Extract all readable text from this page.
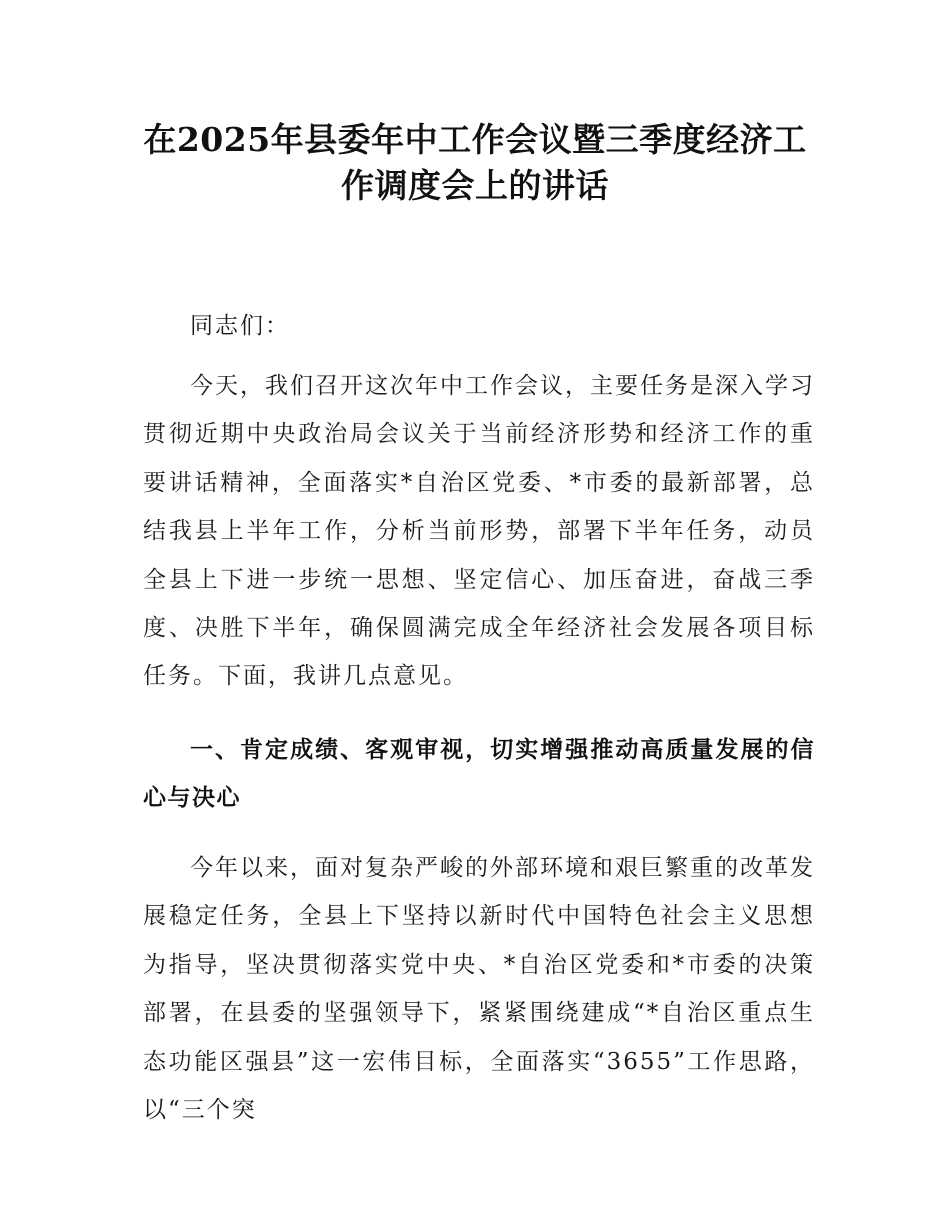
在2025年县委年中工作会议暨三季度经济工
作调度会上的讲话

同志们：

今天，我们召开这次年中工作会议，主要任务是深入学习贯彻近期中央政治局会议关于当前经济形势和经济工作的重要讲话精神，全面落实*自治区党委、*市委的最新部署，总结我县上半年工作，分析当前形势，部署下半年任务，动员全县上下进一步统一思想、坚定信心、加压奋进，奋战三季度、决胜下半年，确保圆满完成全年经济社会发展各项目标任务。下面，我讲几点意见。

一、肯定成绩、客观审视，切实增强推动高质量发展的信心与决心

今年以来，面对复杂严峻的外部环境和艰巨繁重的改革发展稳定任务，全县上下坚持以新时代中国特色社会主义思想为指导，坚决贯彻落实党中央、*自治区党委和*市委的决策部署，在县委的坚强领导下，紧紧围绕建成“*自治区重点生态功能区强县”这一宏伟目标，全面落实“3655”工作思路，以“三个突
